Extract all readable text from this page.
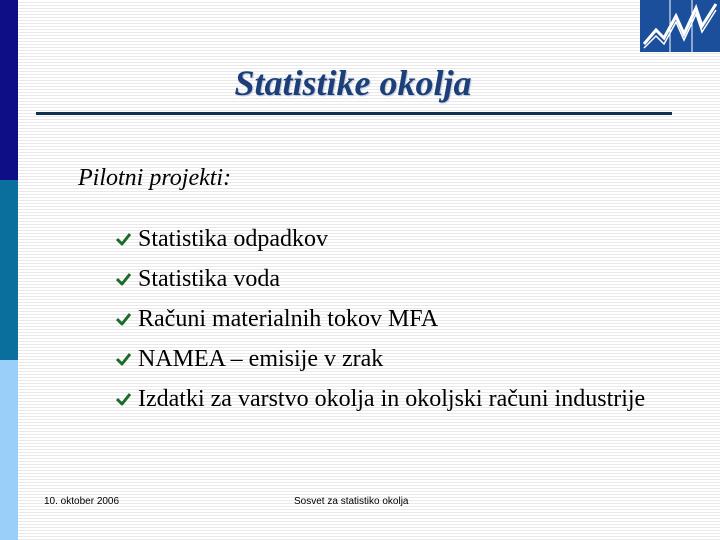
Statistike okolja
Pilotni projekti:
Statistika odpadkov
Statistika voda
Računi materialnih tokov MFA
NAMEA – emisije v zrak
Izdatki za varstvo okolja in okoljski računi industrije
10. oktober 2006	Sosvet za statistiko okolja
